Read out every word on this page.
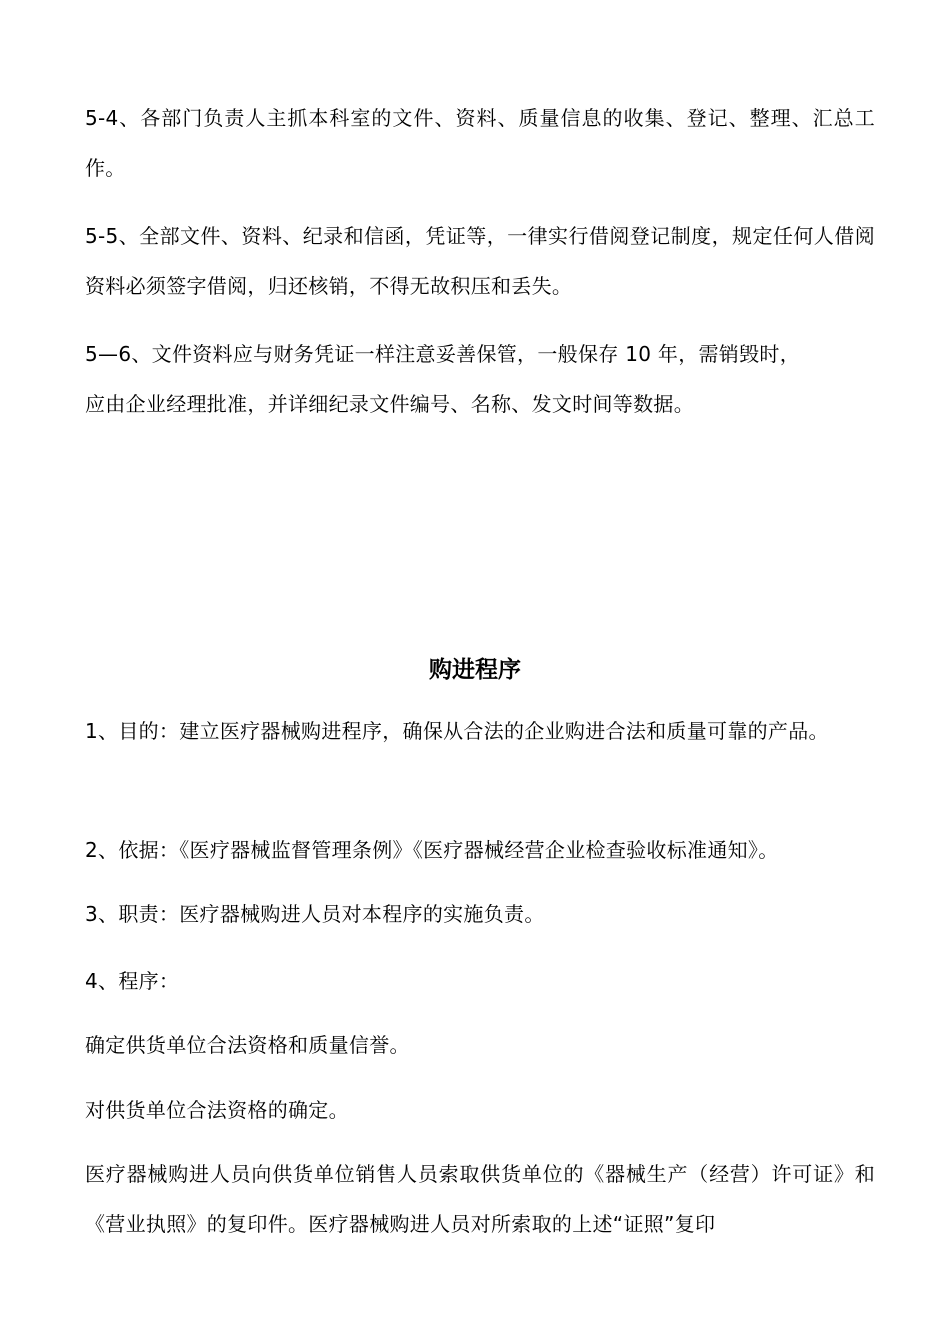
5-4、各部门负责人主抓本科室的文件、资料、质量信息的收集、登记、整理、汇总工作。

5-5、全部文件、资料、纪录和信函，凭证等，一律实行借阅登记制度，规定任何人借阅资料必须签字借阅，归还核销，不得无故积压和丢失。

5—6、文件资料应与财务凭证一样注意妥善保管，一般保存 10 年，需销毁时，

应由企业经理批准，并详细纪录文件编号、名称、发文时间等数据。

购进程序

1、目的：建立医疗器械购进程序，确保从合法的企业购进合法和质量可靠的产品。

2、依据：《医疗器械监督管理条例》《医疗器械经营企业检查验收标准通知》。

3、职责：医疗器械购进人员对本程序的实施负责。

4、程序：

确定供货单位合法资格和质量信誉。

对供货单位合法资格的确定。

医疗器械购进人员向供货单位销售人员索取供货单位的《器械生产（经营）许可证》和《营业执照》的复印件。医疗器械购进人员对所索取的上述“证照”复印
